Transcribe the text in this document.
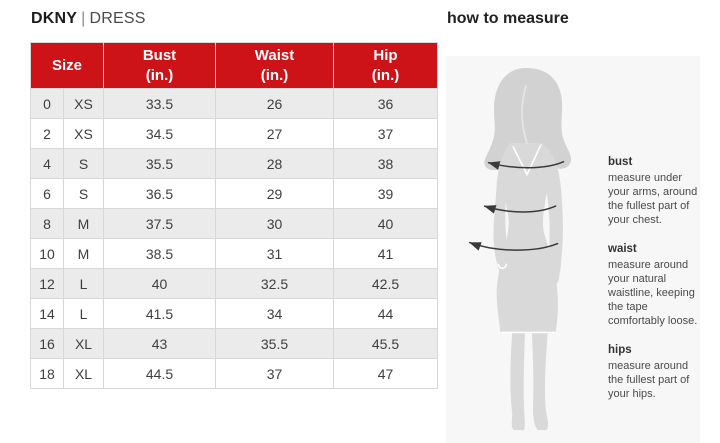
DKNY | DRESS
Size

Bust
(in.)

Waist
(in.)

Hip
(in.)

0	XS	33.5	26	36
2	XS	34.5	27	37
4	S	35.5	28	38
6	S	36.5	29	39
8	M	37.5	30	40
10	M	38.5	31	41
12	L	40	32.5	42.5
14	L	41.5	34	44
16	XL	43	35.5	45.5
18	XL	44.5	37	47
how to measure
bust
measure under your arms, around the fullest part of your chest.
waist
measure around your natural waistline, keeping the tape comfortably loose.
hips
measure around the fullest part of your hips.
